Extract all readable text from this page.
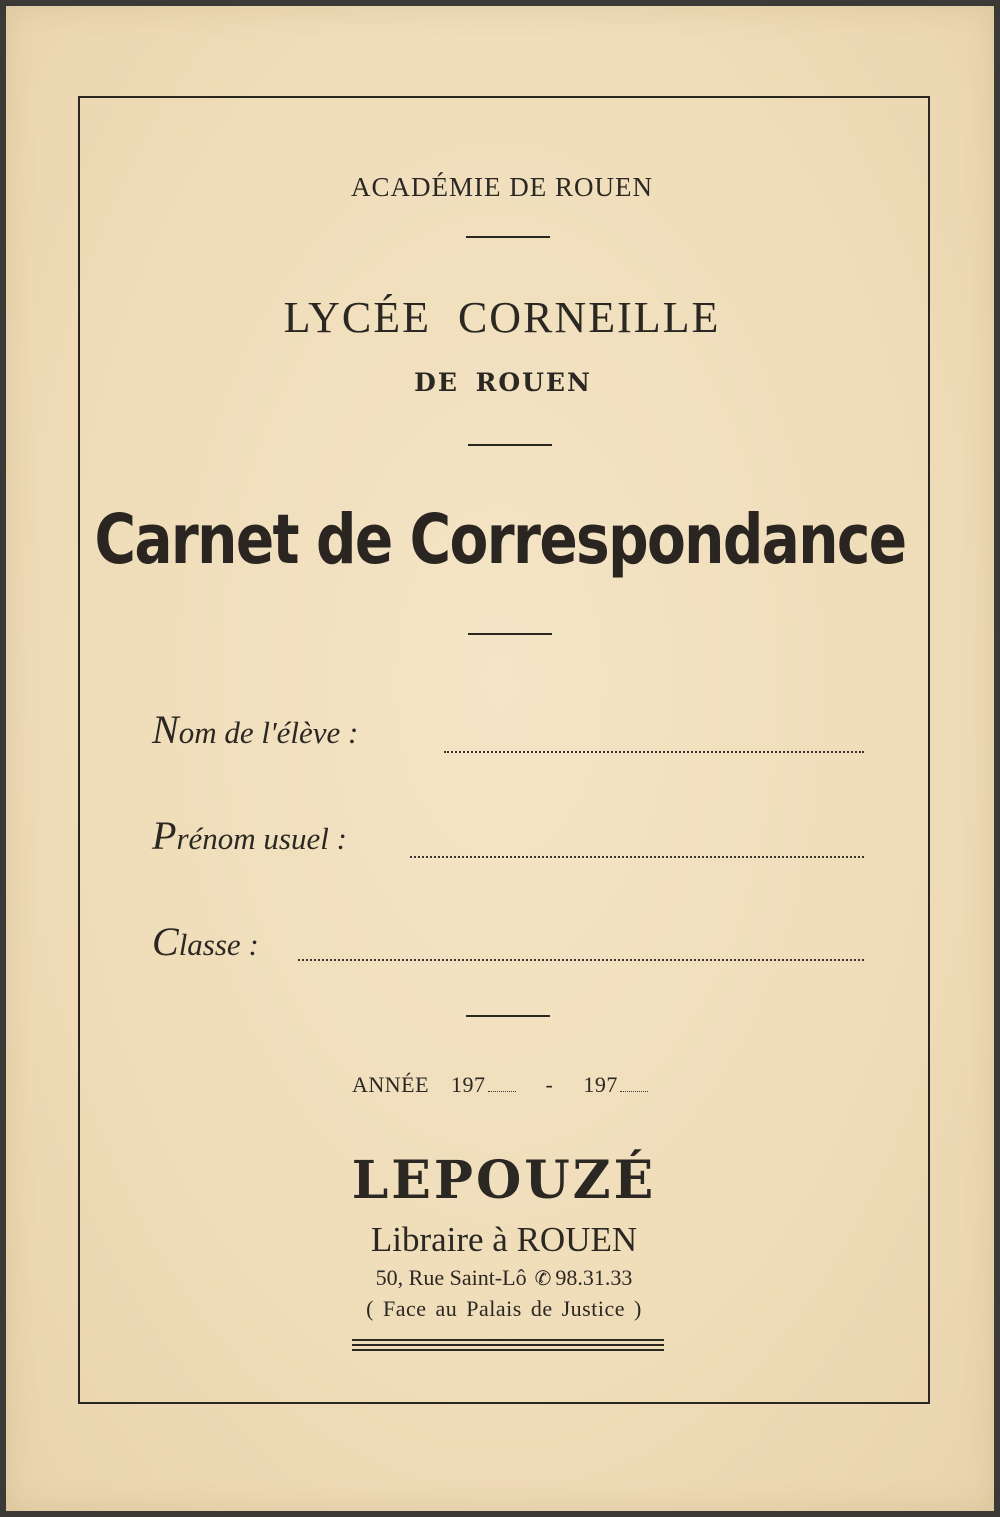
ACADÉMIE DE ROUEN
LYCÉE CORNEILLE
DE ROUEN
Carnet de Correspondance
Nom de l'élève :
Prénom usuel :
Classe :
ANNÉE 197	- 197
LEPOUZÉ
Libraire à ROUEN
50, Rue Saint-Lô ✆ 98.31.33
( Face au Palais de Justice )
